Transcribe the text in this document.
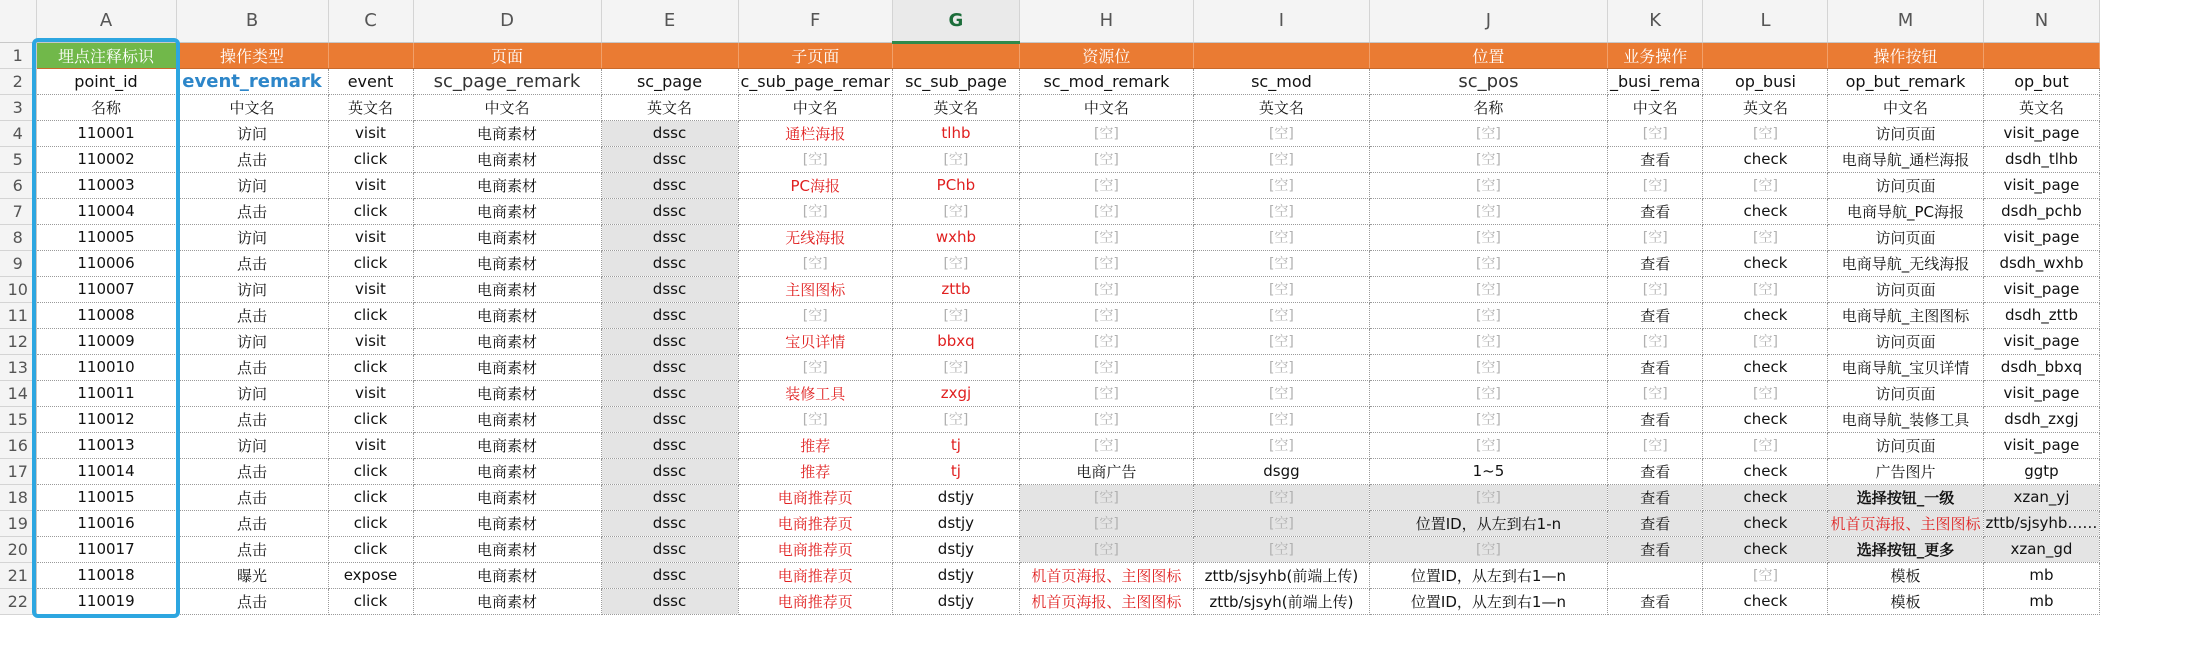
	A	B	C	D	E	F	G	H	I	J	K	L	M	N
1	埋点注释标识	操作类型		页面		子页面		资源位		位置	业务操作		操作按钮	
2	point_id	event_remark	event	sc_page_remark	sc_page	c_sub_page_remar	sc_sub_page	sc_mod_remark	sc_mod	sc_pos	_busi_rema	op_busi	op_but_remark	op_but
3	名称	中文名	英文名	中文名	英文名	中文名	英文名	中文名	英文名	名称	中文名	英文名	中文名	英文名
4	110001	访问	visit	电商素材	dssc	通栏海报	tlhb	[空]	[空]	[空]	[空]	[空]	访问页面	visit_page
5	110002	点击	click	电商素材	dssc	[空]	[空]	[空]	[空]	[空]	查看	check	电商导航_通栏海报	dsdh_tlhb
6	110003	访问	visit	电商素材	dssc	PC海报	PChb	[空]	[空]	[空]	[空]	[空]	访问页面	visit_page
7	110004	点击	click	电商素材	dssc	[空]	[空]	[空]	[空]	[空]	查看	check	电商导航_PC海报	dsdh_pchb
8	110005	访问	visit	电商素材	dssc	无线海报	wxhb	[空]	[空]	[空]	[空]	[空]	访问页面	visit_page
9	110006	点击	click	电商素材	dssc	[空]	[空]	[空]	[空]	[空]	查看	check	电商导航_无线海报	dsdh_wxhb
10	110007	访问	visit	电商素材	dssc	主图图标	zttb	[空]	[空]	[空]	[空]	[空]	访问页面	visit_page
11	110008	点击	click	电商素材	dssc	[空]	[空]	[空]	[空]	[空]	查看	check	电商导航_主图图标	dsdh_zttb
12	110009	访问	visit	电商素材	dssc	宝贝详情	bbxq	[空]	[空]	[空]	[空]	[空]	访问页面	visit_page
13	110010	点击	click	电商素材	dssc	[空]	[空]	[空]	[空]	[空]	查看	check	电商导航_宝贝详情	dsdh_bbxq
14	110011	访问	visit	电商素材	dssc	装修工具	zxgj	[空]	[空]	[空]	[空]	[空]	访问页面	visit_page
15	110012	点击	click	电商素材	dssc	[空]	[空]	[空]	[空]	[空]	查看	check	电商导航_装修工具	dsdh_zxgj
16	110013	访问	visit	电商素材	dssc	推荐	tj	[空]	[空]	[空]	[空]	[空]	访问页面	visit_page
17	110014	点击	click	电商素材	dssc	推荐	tj	电商广告	dsgg	1~5	查看	check	广告图片	ggtp
18	110015	点击	click	电商素材	dssc	电商推荐页	dstjy	[空]	[空]	[空]	查看	check	选择按钮_一级	xzan_yj
19	110016	点击	click	电商素材	dssc	电商推荐页	dstjy	[空]	[空]	位置ID，从左到右1-n	查看	check	机首页海报、主图图标	zttb/sjsyhb……
20	110017	点击	click	电商素材	dssc	电商推荐页	dstjy	[空]	[空]	[空]	查看	check	选择按钮_更多	xzan_gd
21	110018	曝光	expose	电商素材	dssc	电商推荐页	dstjy	机首页海报、主图图标	zttb/sjsyhb(前端上传)	位置ID，从左到右1—n		[空]	模板	mb
22	110019	点击	click	电商素材	dssc	电商推荐页	dstjy	机首页海报、主图图标	zttb/sjsyh(前端上传)	位置ID，从左到右1—n	查看	check	模板	mb
